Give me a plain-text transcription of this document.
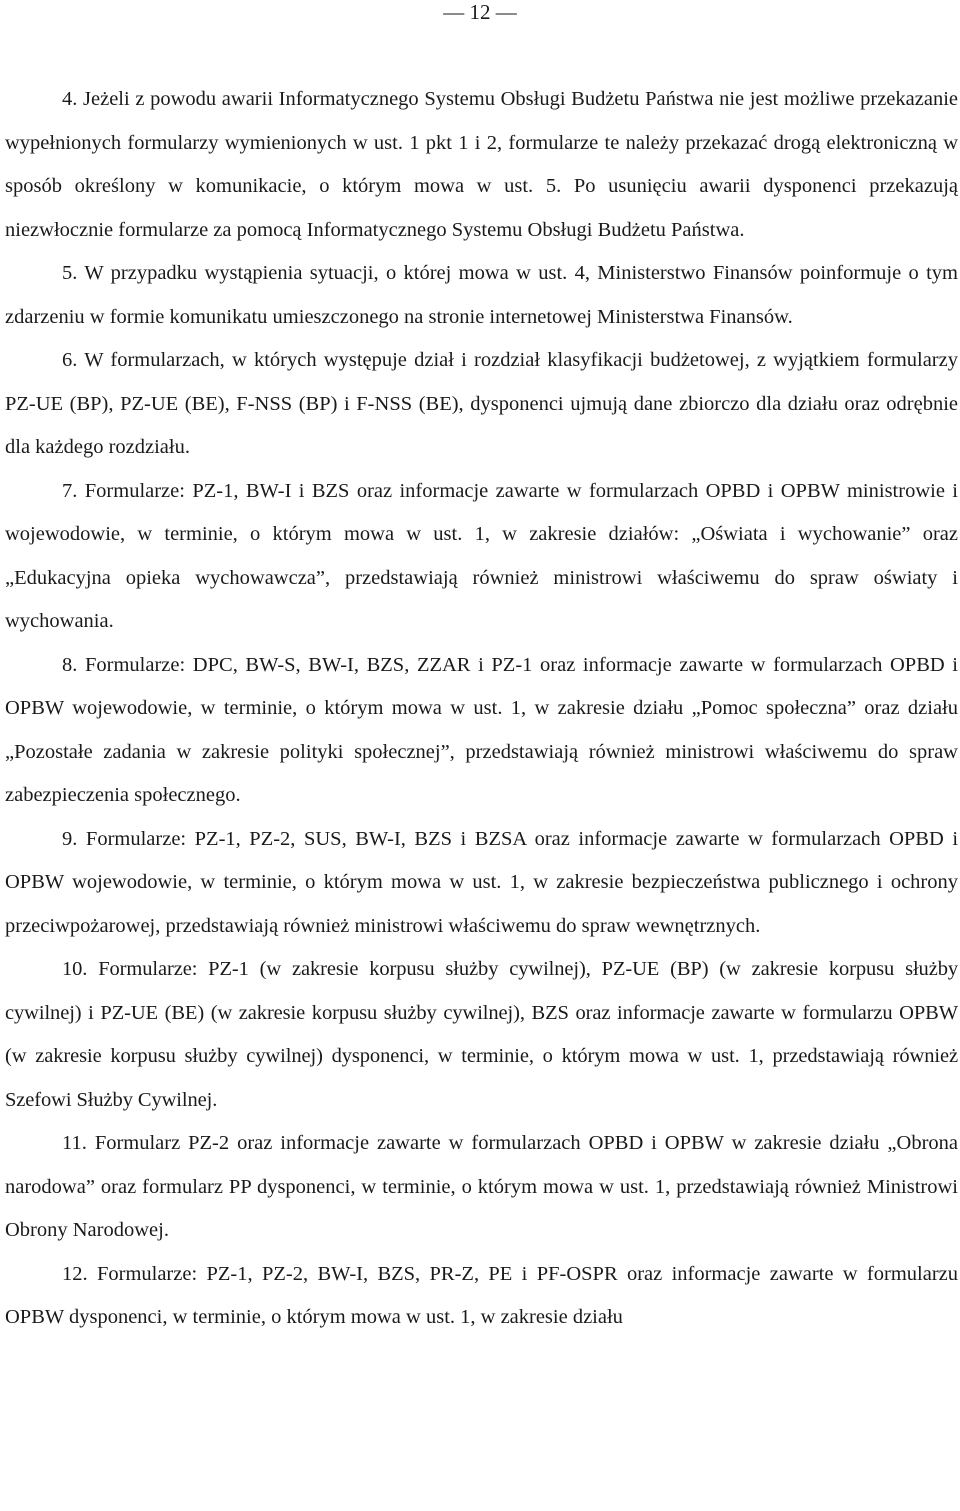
— 12 —

4. Jeżeli z powodu awarii Informatycznego Systemu Obsługi Budżetu Państwa nie jest możliwe przekazanie wypełnionych formularzy wymienionych w ust. 1 pkt 1 i 2, formularze te należy przekazać drogą elektroniczną w sposób określony w komunikacie, o którym mowa w ust. 5. Po usunięciu awarii dysponenci przekazują niezwłocznie formularze za pomocą Informatycznego Systemu Obsługi Budżetu Państwa.

5. W przypadku wystąpienia sytuacji, o której mowa w ust. 4, Ministerstwo Finansów poinformuje o tym zdarzeniu w formie komunikatu umieszczonego na stronie internetowej Ministerstwa Finansów.

6. W formularzach, w których występuje dział i rozdział klasyfikacji budżetowej, z wyjątkiem formularzy PZ-UE (BP), PZ-UE (BE), F-NSS (BP) i F-NSS (BE), dysponenci ujmują dane zbiorczo dla działu oraz odrębnie dla każdego rozdziału.

7. Formularze: PZ-1, BW-I i BZS oraz informacje zawarte w formularzach OPBD i OPBW ministrowie i wojewodowie, w terminie, o którym mowa w ust. 1, w zakresie działów: „Oświata i wychowanie” oraz „Edukacyjna opieka wychowawcza”, przedstawiają również ministrowi właściwemu do spraw oświaty i wychowania.

8. Formularze: DPC, BW-S, BW-I, BZS, ZZAR i PZ-1 oraz informacje zawarte w formularzach OPBD i OPBW wojewodowie, w terminie, o którym mowa w ust. 1, w zakresie działu „Pomoc społeczna” oraz działu „Pozostałe zadania w zakresie polityki społecznej”, przedstawiają również ministrowi właściwemu do spraw zabezpieczenia społecznego.

9. Formularze: PZ-1, PZ-2, SUS, BW-I, BZS i BZSA oraz informacje zawarte w formularzach OPBD i OPBW wojewodowie, w terminie, o którym mowa w ust. 1, w zakresie bezpieczeństwa publicznego i ochrony przeciwpożarowej, przedstawiają również ministrowi właściwemu do spraw wewnętrznych.

10. Formularze: PZ-1 (w zakresie korpusu służby cywilnej), PZ-UE (BP) (w zakresie korpusu służby cywilnej) i PZ-UE (BE) (w zakresie korpusu służby cywilnej), BZS oraz informacje zawarte w formularzu OPBW (w zakresie korpusu służby cywilnej) dysponenci, w terminie, o którym mowa w ust. 1, przedstawiają również Szefowi Służby Cywilnej.

11. Formularz PZ-2 oraz informacje zawarte w formularzach OPBD i OPBW w zakresie działu „Obrona narodowa” oraz formularz PP dysponenci, w terminie, o którym mowa w ust. 1, przedstawiają również Ministrowi Obrony Narodowej.

12. Formularze: PZ-1, PZ-2, BW-I, BZS, PR-Z, PE i PF-OSPR oraz informacje zawarte w formularzu OPBW dysponenci, w terminie, o którym mowa w ust. 1, w zakresie działu
